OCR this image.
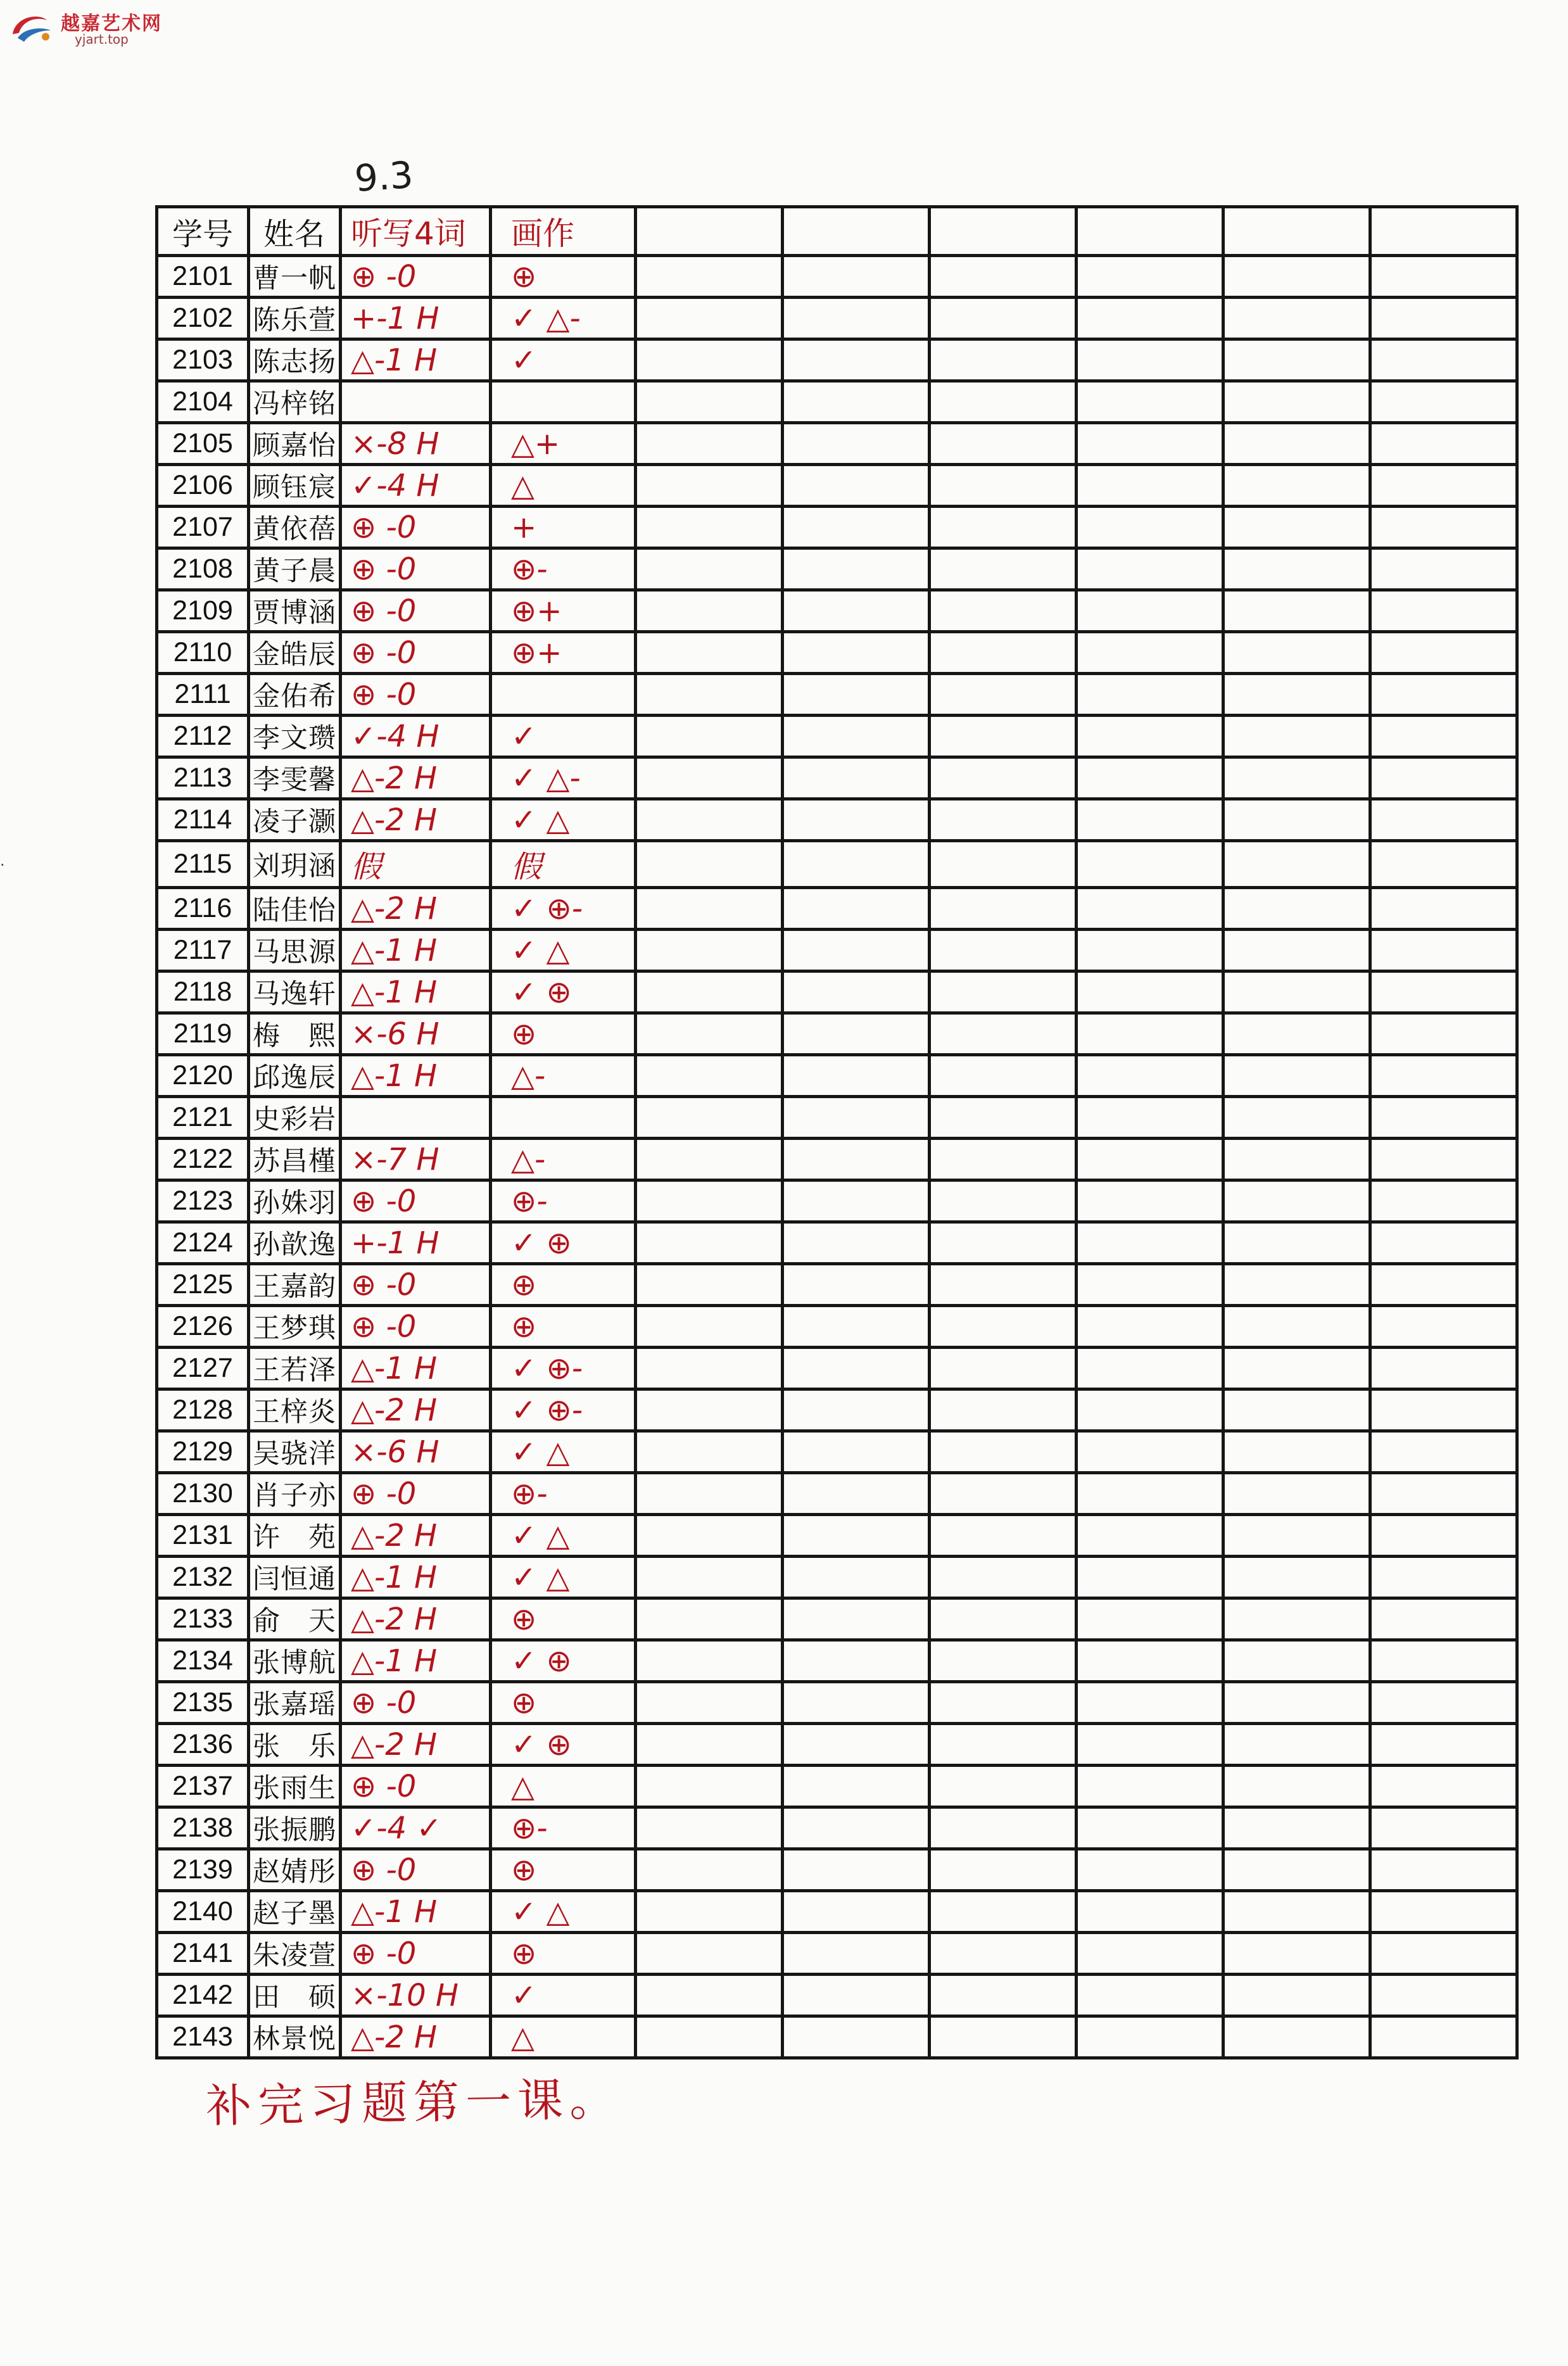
越嘉艺术网
yjart.top
9.3
学号	姓名	听写4词	画作						
2101	曹一帆	⊕ -0	⊕						
2102	陈乐萱	+-1 H	✓ △-						
2103	陈志扬	△-1 H	✓						
2104	冯梓铭								
2105	顾嘉怡	×-8 H	△+						
2106	顾钰宸	✓-4 H	△						
2107	黄依蓓	⊕ -0	+						
2108	黄子晨	⊕ -0	⊕-						
2109	贾博涵	⊕ -0	⊕+						
2110	金皓辰	⊕ -0	⊕+						
2111	金佑希	⊕ -0							
2112	李文瓒	✓-4 H	✓						
2113	李雯馨	△-2 H	✓ △-						
2114	凌子灏	△-2 H	✓ △						
2115	刘玥涵	假	假						
2116	陆佳怡	△-2 H	✓ ⊕-						
2117	马思源	△-1 H	✓ △						
2118	马逸轩	△-1 H	✓ ⊕						
2119	梅　熙	×-6 H	⊕						
2120	邱逸辰	△-1 H	△-						
2121	史彩岩								
2122	苏昌槿	×-7 H	△-						
2123	孙姝羽	⊕ -0	⊕-						
2124	孙歆逸	+-1 H	✓ ⊕						
2125	王嘉韵	⊕ -0	⊕						
2126	王梦琪	⊕ -0	⊕						
2127	王若泽	△-1 H	✓ ⊕-						
2128	王梓炎	△-2 H	✓ ⊕-						
2129	吴骁洋	×-6 H	✓ △						
2130	肖子亦	⊕ -0	⊕-						
2131	许　苑	△-2 H	✓ △						
2132	闫恒通	△-1 H	✓ △						
2133	俞　天	△-2 H	⊕						
2134	张博航	△-1 H	✓ ⊕						
2135	张嘉瑶	⊕ -0	⊕						
2136	张　乐	△-2 H	✓ ⊕						
2137	张雨生	⊕ -0	△						
2138	张振鹏	✓-4 ✓	⊕-						
2139	赵婧彤	⊕ -0	⊕						
2140	赵子墨	△-1 H	✓ △						
2141	朱凌萱	⊕ -0	⊕						
2142	田　硕	×-10 H	✓						
2143	林景悦	△-2 H	△						
补完习题第一课。
·
